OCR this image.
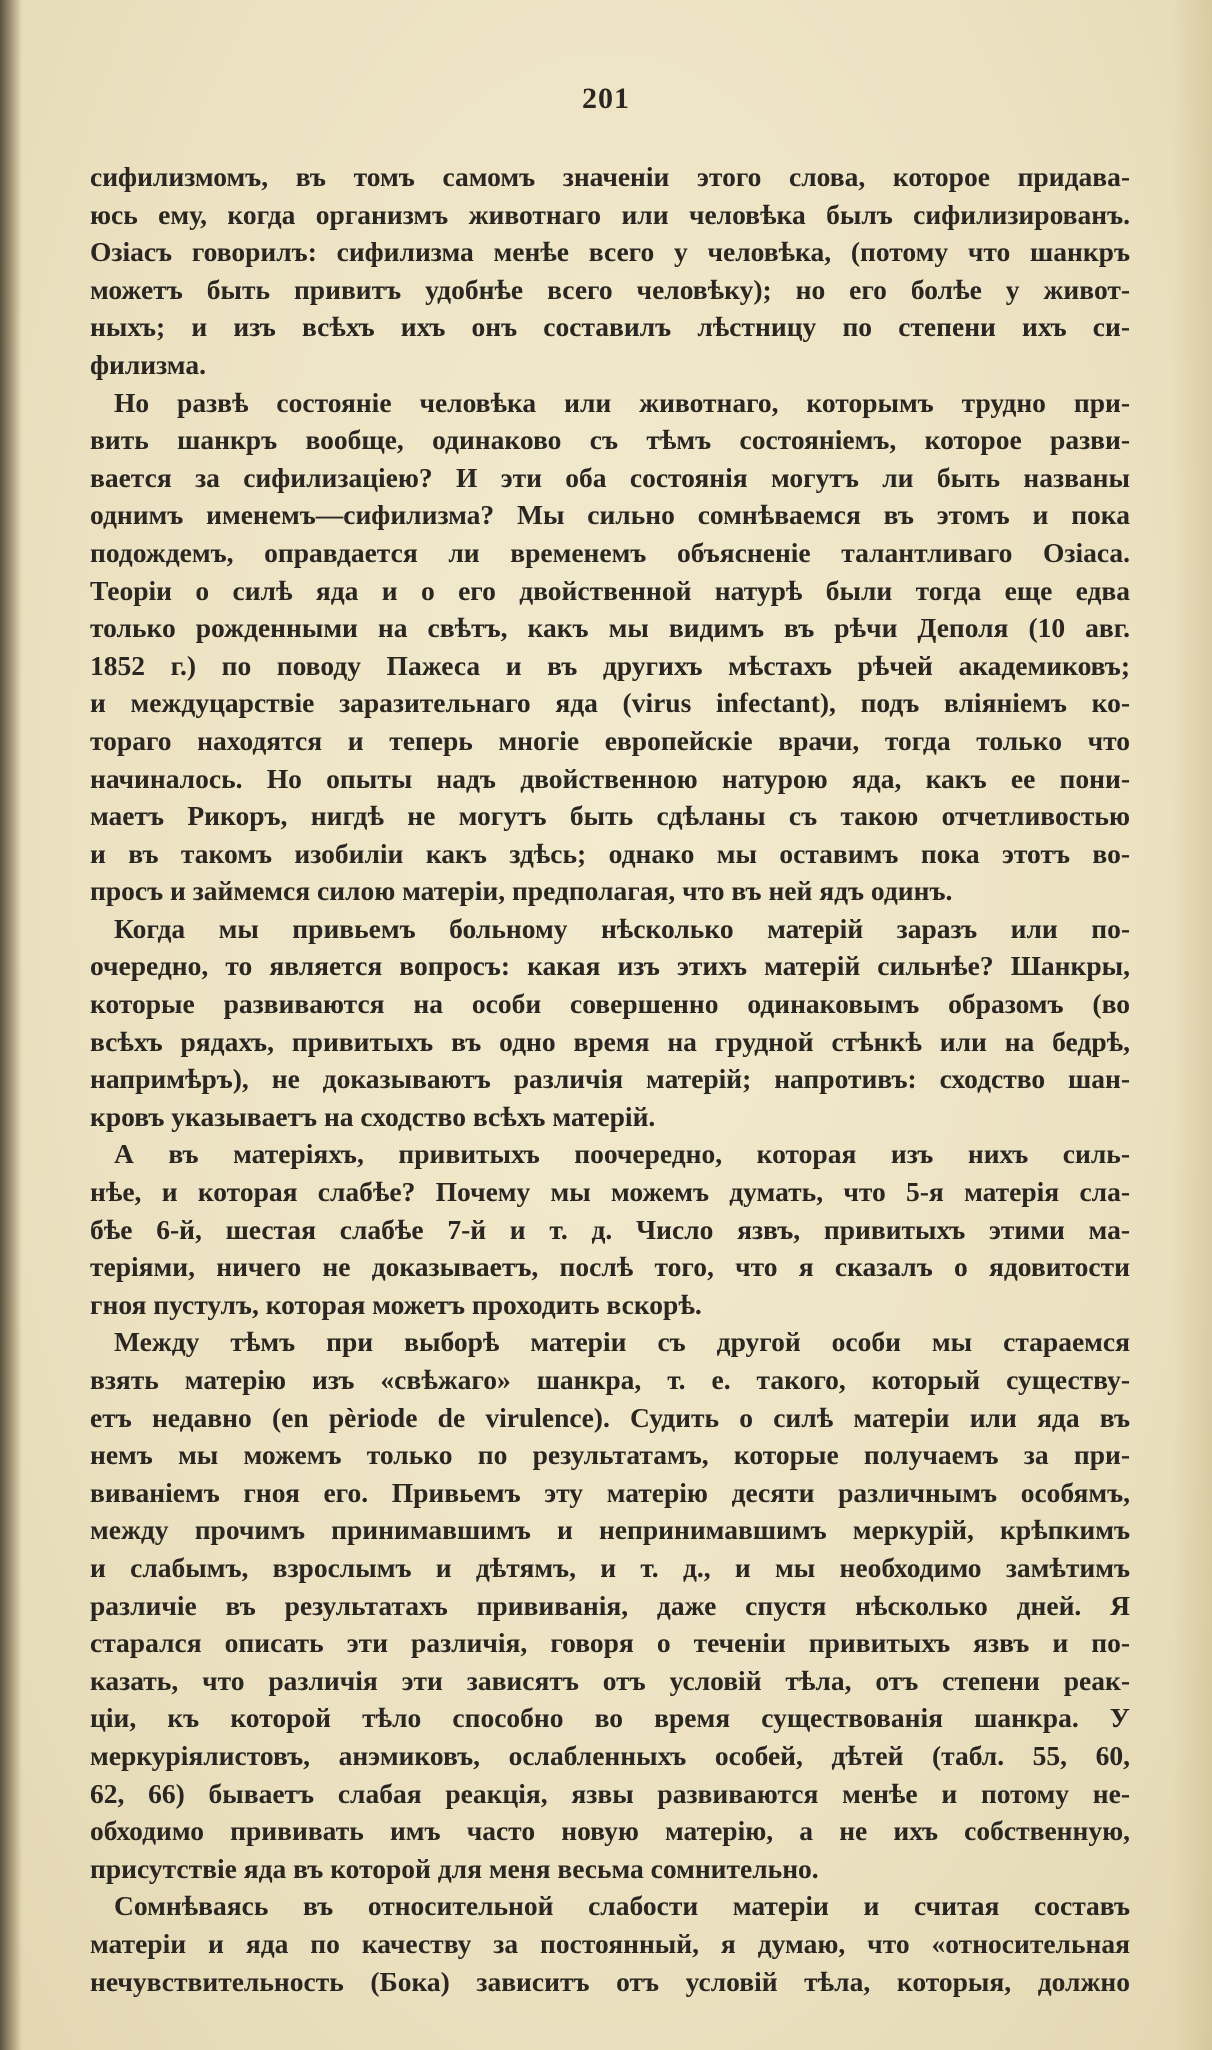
201
сифилизмомъ, въ томъ самомъ значенiи этого слова, которое придава-
юсь ему, когда организмъ животнаго или человѣка былъ сифилизированъ.
Озiасъ говорилъ: сифилизма менѣе всего у человѣка, (потому что шанкръ
можетъ быть привитъ удобнѣе всего человѣку); но его болѣе у живот-
ныхъ; и изъ всѣхъ ихъ онъ составилъ лѣстницу по степени ихъ си-
филизма.
Но развѣ состоянiе человѣка или животнаго, которымъ трудно при-
вить шанкръ вообще, одинаково съ тѣмъ состоянiемъ, которое разви-
вается за сифилизацiею? И эти оба состоянiя могутъ ли быть названы
однимъ именемъ—сифилизма? Мы сильно сомнѣваемся въ этомъ и пока
подождемъ, оправдается ли временемъ объясненiе талантливаго Озiаса.
Теорiи о силѣ яда и о его двойственной натурѣ были тогда еще едва
только рожденными на свѣтъ, какъ мы видимъ въ рѣчи Деполя (10 авг.
1852 г.) по поводу Пажеса и въ другихъ мѣстахъ рѣчей академиковъ;
и междуцарствiе заразительнаго яда (virus infectant), подъ влiянiемъ ко-
тораго находятся и теперь многiе европейскiе врачи, тогда только что
начиналось. Но опыты надъ двойственною натурою яда, какъ ее пони-
маетъ Рикоръ, нигдѣ не могутъ быть сдѣланы съ такою отчетливостью
и въ такомъ изобилiи какъ здѣсь; однако мы оставимъ пока этотъ во-
просъ и займемся силою матерiи, предполагая, что въ ней ядъ одинъ.
Когда мы привьемъ больному нѣсколько матерiй заразъ или по-
очередно, то является вопросъ: какая изъ этихъ матерiй сильнѣе? Шанкры,
которые развиваются на особи совершенно одинаковымъ образомъ (во
всѣхъ рядахъ, привитыхъ въ одно время на грудной стѣнкѣ или на бедрѣ,
напримѣръ), не доказываютъ различiя матерiй; напротивъ: сходство шан-
кровъ указываетъ на сходство всѣхъ матерiй.
А въ матерiяхъ, привитыхъ поочередно, которая изъ нихъ силь-
нѣе, и которая слабѣе? Почему мы можемъ думать, что 5-я матерiя сла-
бѣе 6-й, шестая слабѣе 7-й и т. д. Число язвъ, привитыхъ этими ма-
терiями, ничего не доказываетъ, послѣ того, что я сказалъ о ядовитости
гноя пустулъ, которая можетъ проходить вскорѣ.
Между тѣмъ при выборѣ матерiи съ другой особи мы стараемся
взять матерiю изъ «свѣжаго» шанкра, т. е. такого, который существу-
етъ недавно (en pèriode de virulence). Судить о силѣ матерiи или яда въ
немъ мы можемъ только по результатамъ, которые получаемъ за при-
виванiемъ гноя его. Привьемъ эту матерiю десяти различнымъ особямъ,
между прочимъ принимавшимъ и непринимавшимъ меркурiй, крѣпкимъ
и слабымъ, взрослымъ и дѣтямъ, и т. д., и мы необходимо замѣтимъ
различiе въ результатахъ прививанiя, даже спустя нѣсколько дней. Я
старался описать эти различiя, говоря о теченiи привитыхъ язвъ и по-
казать, что различiя эти зависятъ отъ условiй тѣла, отъ степени реак-
цiи, къ которой тѣло способно во время существованiя шанкра. У
меркурiялистовъ, анэмиковъ, ослабленныхъ особей, дѣтей (табл. 55, 60,
62, 66) бываетъ слабая реакцiя, язвы развиваются менѣе и потому не-
обходимо прививать имъ часто новую матерiю, а не ихъ собственную,
присутствiе яда въ которой для меня весьма сомнительно.
Сомнѣваясь въ относительной слабости матерiи и считая составъ
матерiи и яда по качеству за постоянный, я думаю, что «относительная
нечувствительность (Бока) зависитъ отъ условiй тѣла, которыя, должно
